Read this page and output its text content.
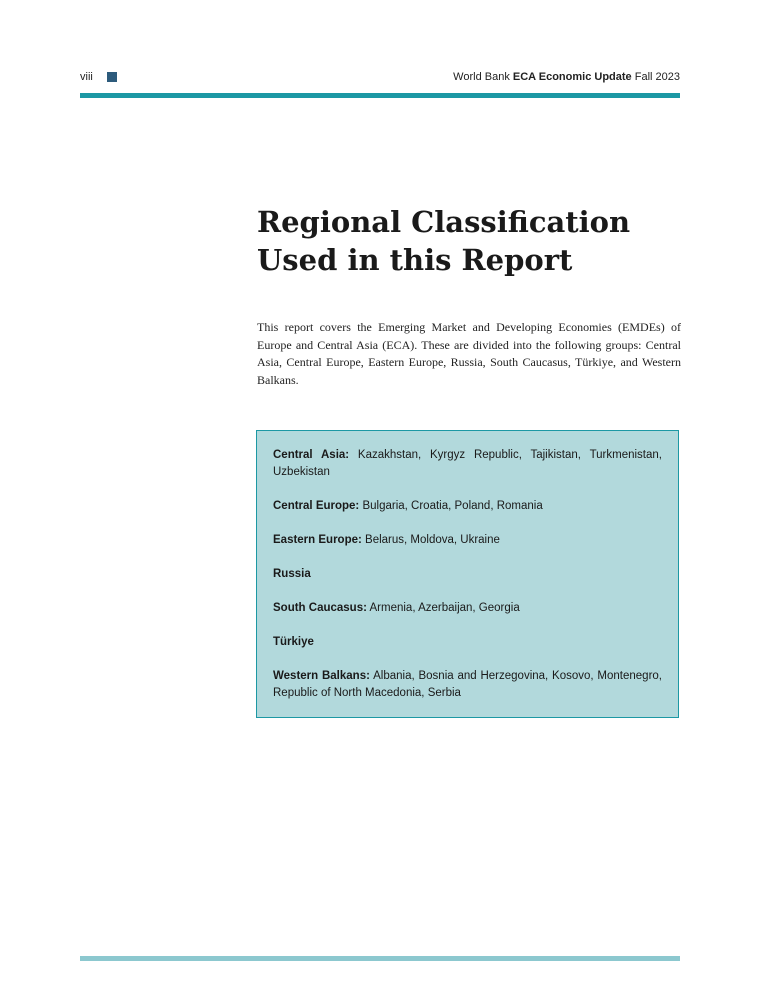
viii	World Bank ECA Economic Update Fall 2023
Regional Classification
Used in this Report

This report covers the Emerging Market and Developing Economies (EMDEs) of Europe and Central Asia (ECA). These are divided into the following groups: Central Asia, Central Europe, Eastern Europe, Russia, South Caucasus, Türkiye, and Western Balkans.

Central Asia: Kazakhstan, Kyrgyz Republic, Tajikistan, Turkmenistan, Uzbekistan

Central Europe: Bulgaria, Croatia, Poland, Romania

Eastern Europe: Belarus, Moldova, Ukraine

Russia

South Caucasus: Armenia, Azerbaijan, Georgia

Türkiye

Western Balkans: Albania, Bosnia and Herzegovina, Kosovo, Montenegro, Republic of North Macedonia, Serbia
